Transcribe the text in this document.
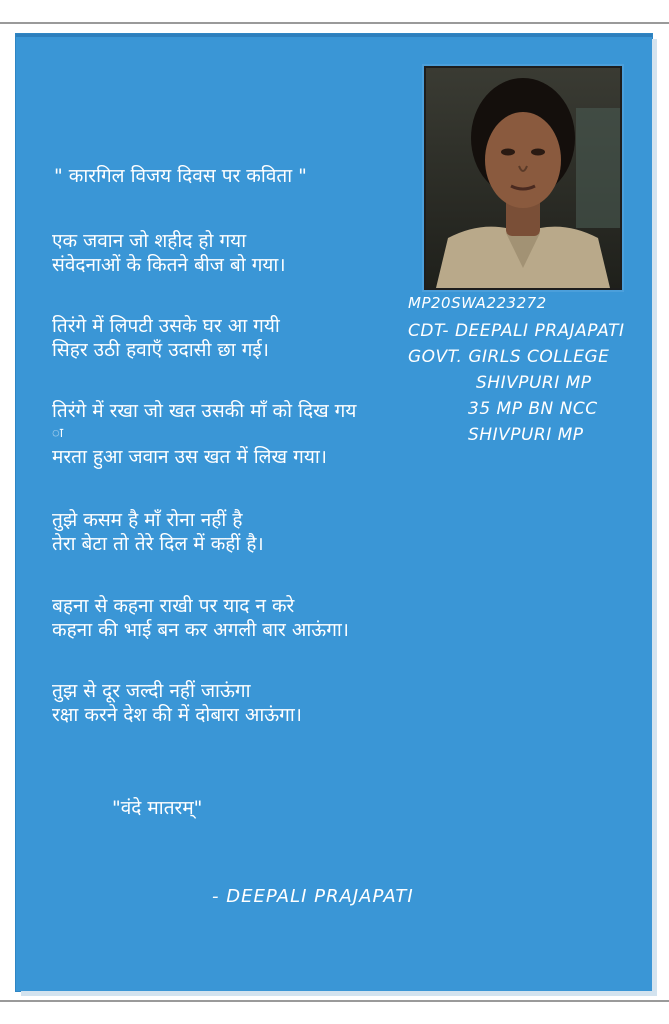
" कारगिल विजय दिवस पर कविता "
एक जवान जो शहीद हो गया
संवेदनाओं के कितने बीज बो गया।
तिरंगे में लिपटी उसके घर आ गयी
सिहर उठी हवाएँ उदासी छा गई।
तिरंगे में रखा जो खत उसकी माँ को दिख गय
ा
मरता हुआ जवान उस खत में लिख गया।
तुझे कसम है माँ रोना नहीं है
तेरा बेटा तो तेरे दिल में कहीं है।
बहना से कहना राखी पर याद न करे
कहना की भाई बन कर अगली बार आऊंगा।
तुझ से दूर जल्दी नहीं जाऊंगा
रक्षा करने देश की में दोबारा आऊंगा।
"वंदे मातरम्"
- DEEPALI PRAJAPATI
MP20SWA223272
CDT- DEEPALI PRAJAPATI
GOVT. GIRLS COLLEGE
SHIVPURI MP
35 MP BN NCC
SHIVPURI MP
